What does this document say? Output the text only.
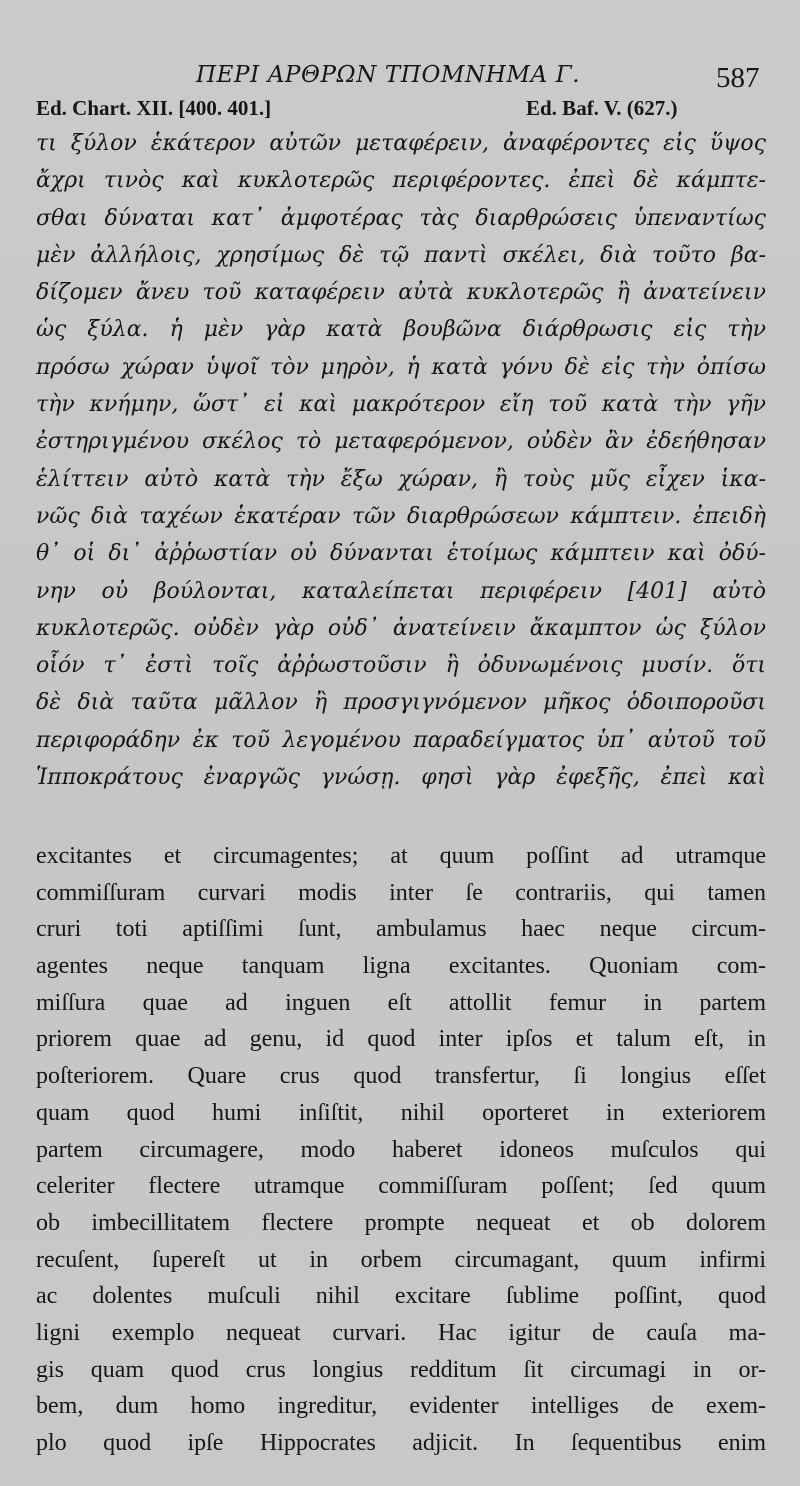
ΠΕΡΙ ΑΡΘΡΩΝ ΤΠΟΜΝΗΜΑ Γ.	587
Ed. Chart. XII. [400. 401.]	Ed. Baf. V. (627.)
τι ξύλον ἑκάτερον αὐτῶν μεταφέρειν, ἀναφέροντες εἰς ὕψος
ἄχρι τινὸς καὶ κυκλοτερῶς περιφέροντες. ἐπεὶ δὲ κάμπτε-
σθαι δύναται κατ᾽ ἀμφοτέρας τὰς διαρθρώσεις ὑπεναντίως
μὲν ἀλλήλοις, χρησίμως δὲ τῷ παντὶ σκέλει, διὰ τοῦτο βα-
δίζομεν ἄνευ τοῦ καταφέρειν αὐτὰ κυκλοτερῶς ἢ ἀνατείνειν
ὡς ξύλα. ἡ μὲν γὰρ κατὰ βουβῶνα διάρθρωσις εἰς τὴν
πρόσω χώραν ὑψοῖ τὸν μηρὸν, ἡ κατὰ γόνυ δὲ εἰς τὴν ὀπίσω
τὴν κνήμην, ὥστ᾽ εἰ καὶ μακρότερον εἴη τοῦ κατὰ τὴν γῆν
ἐστηριγμένου σκέλος τὸ μεταφερόμενον, οὐδὲν ἂν ἐδεήθησαν
ἑλίττειν αὐτὸ κατὰ τὴν ἔξω χώραν, ἢ τοὺς μῦς εἶχεν ἱκα-
νῶς διὰ ταχέων ἑκατέραν τῶν διαρθρώσεων κάμπτειν. ἐπειδὴ
θ᾽ οἱ δι᾽ ἀῤῥωστίαν οὐ δύνανται ἑτοίμως κάμπτειν καὶ ὀδύ-
νην οὐ βούλονται, καταλείπεται περιφέρειν [401] αὐτὸ
κυκλοτερῶς. οὐδὲν γὰρ οὐδ᾽ ἀνατείνειν ἄκαμπτον ὡς ξύλον
οἷόν τ᾽ ἐστὶ τοῖς ἀῤῥωστοῦσιν ἢ ὀδυνωμένοις μυσίν. ὅτι
δὲ διὰ ταῦτα μᾶλλον ἢ προσγιγνόμενον μῆκος ὁδοιποροῦσι
περιφοράδην ἐκ τοῦ λεγομένου παραδείγματος ὑπ᾽ αὐτοῦ τοῦ
Ἱπποκράτους ἐναργῶς γνώσῃ. φησὶ γὰρ ἐφεξῆς, ἐπεὶ καὶ
excitantes et circumagentes; at quum poſſint ad utramque
commiſſuram curvari modis inter ſe contrariis, qui tamen
cruri toti aptiſſimi ſunt, ambulamus haec neque circum-
agentes neque tanquam ligna excitantes. Quoniam com-
miſſura quae ad inguen eſt attollit femur in partem
priorem quae ad genu, id quod inter ipſos et talum eſt, in
poſteriorem. Quare crus quod transfertur, ſi longius eſſet
quam quod humi inſiſtit, nihil oporteret in exteriorem
partem circumagere, modo haberet idoneos muſculos qui
celeriter flectere utramque commiſſuram poſſent; ſed quum
ob imbecillitatem flectere prompte nequeat et ob dolorem
recuſent, ſupereſt ut in orbem circumagant, quum infirmi
ac dolentes muſculi nihil excitare ſublime poſſint, quod
ligni exemplo nequeat curvari. Hac igitur de cauſa ma-
gis quam quod crus longius redditum ſit circumagi in or-
bem, dum homo ingreditur, evidenter intelliges de exem-
plo quod ipſe Hippocrates adjicit. In ſequentibus enim
